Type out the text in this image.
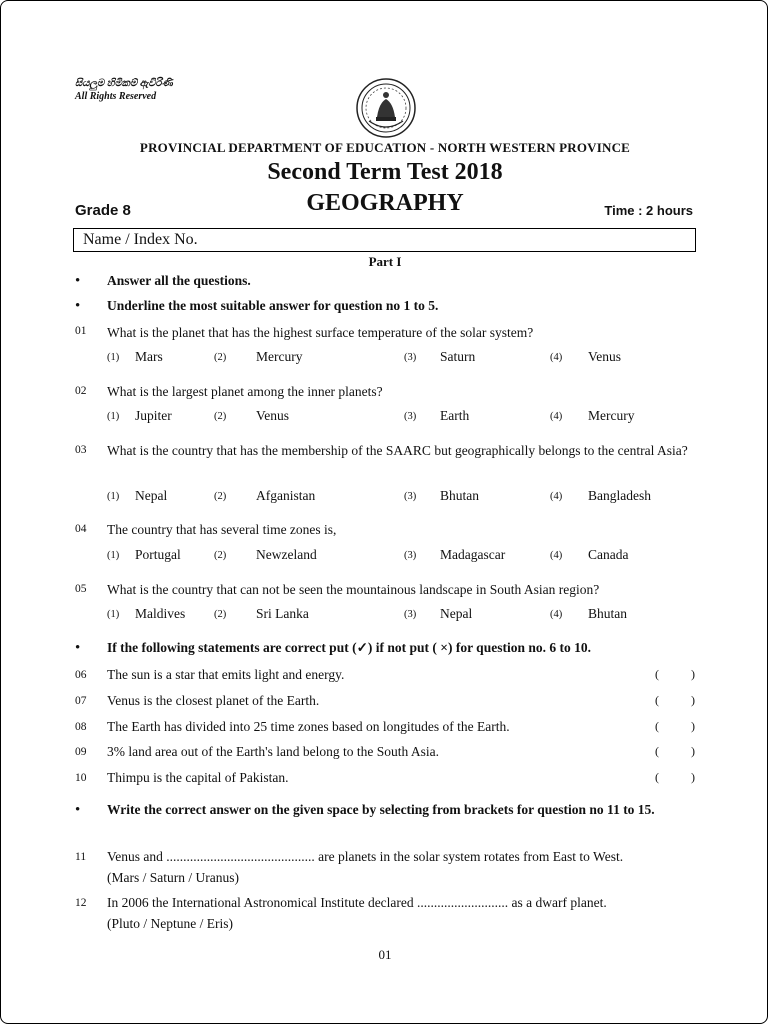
සියලුම හිමිකම් ඇවිරිණි
All Rights Reserved
PROVINCIAL DEPARTMENT OF EDUCATION - NORTH WESTERN PROVINCE
Second Term Test 2018
GEOGRAPHY
Grade 8	Time : 2 hours
Name / Index No.
Part I
• Answer all the questions.
• Underline the most suitable answer for question no 1 to 5.
01 What is the planet that has the highest surface temperature of the solar system?
(1) Mars	(2) Mercury	(3) Saturn	(4) Venus
02 What is the largest planet among the inner planets?
(1) Jupiter	(2) Venus	(3) Earth	(4) Mercury
03 What is the country that has the membership of the SAARC but geographically belongs to the central Asia?
(1) Nepal	(2) Afganistan	(3) Bhutan	(4) Bangladesh
04 The country that has several time zones is,
(1) Portugal	(2) Newzeland	(3) Madagascar	(4) Canada
05 What is the country that can not be seen the mountainous landscape in South Asian region?
(1) Maldives	(2) Sri Lanka	(3) Nepal	(4) Bhutan
• If the following statements are correct put (✓) if not put ( ×) for question no. 6 to 10.
06 The sun is a star that emits light and energy.	(	)
07 Venus is the closest planet of the Earth.	(	)
08 The Earth has divided into 25 time zones based on longitudes of the Earth.	(	)
09 3% land area out of the Earth's land belong to the South Asia.	(	)
10 Thimpu is the capital of Pakistan.	(	)
• Write the correct answer on the given space by selecting from brackets for question no 11 to 15.
11 Venus and ............................................ are planets in the solar system rotates from East to West.
(Mars / Saturn / Uranus)
12 In 2006 the International Astronomical Institute declared ........................... as a dwarf planet.
(Pluto / Neptune / Eris)
01
